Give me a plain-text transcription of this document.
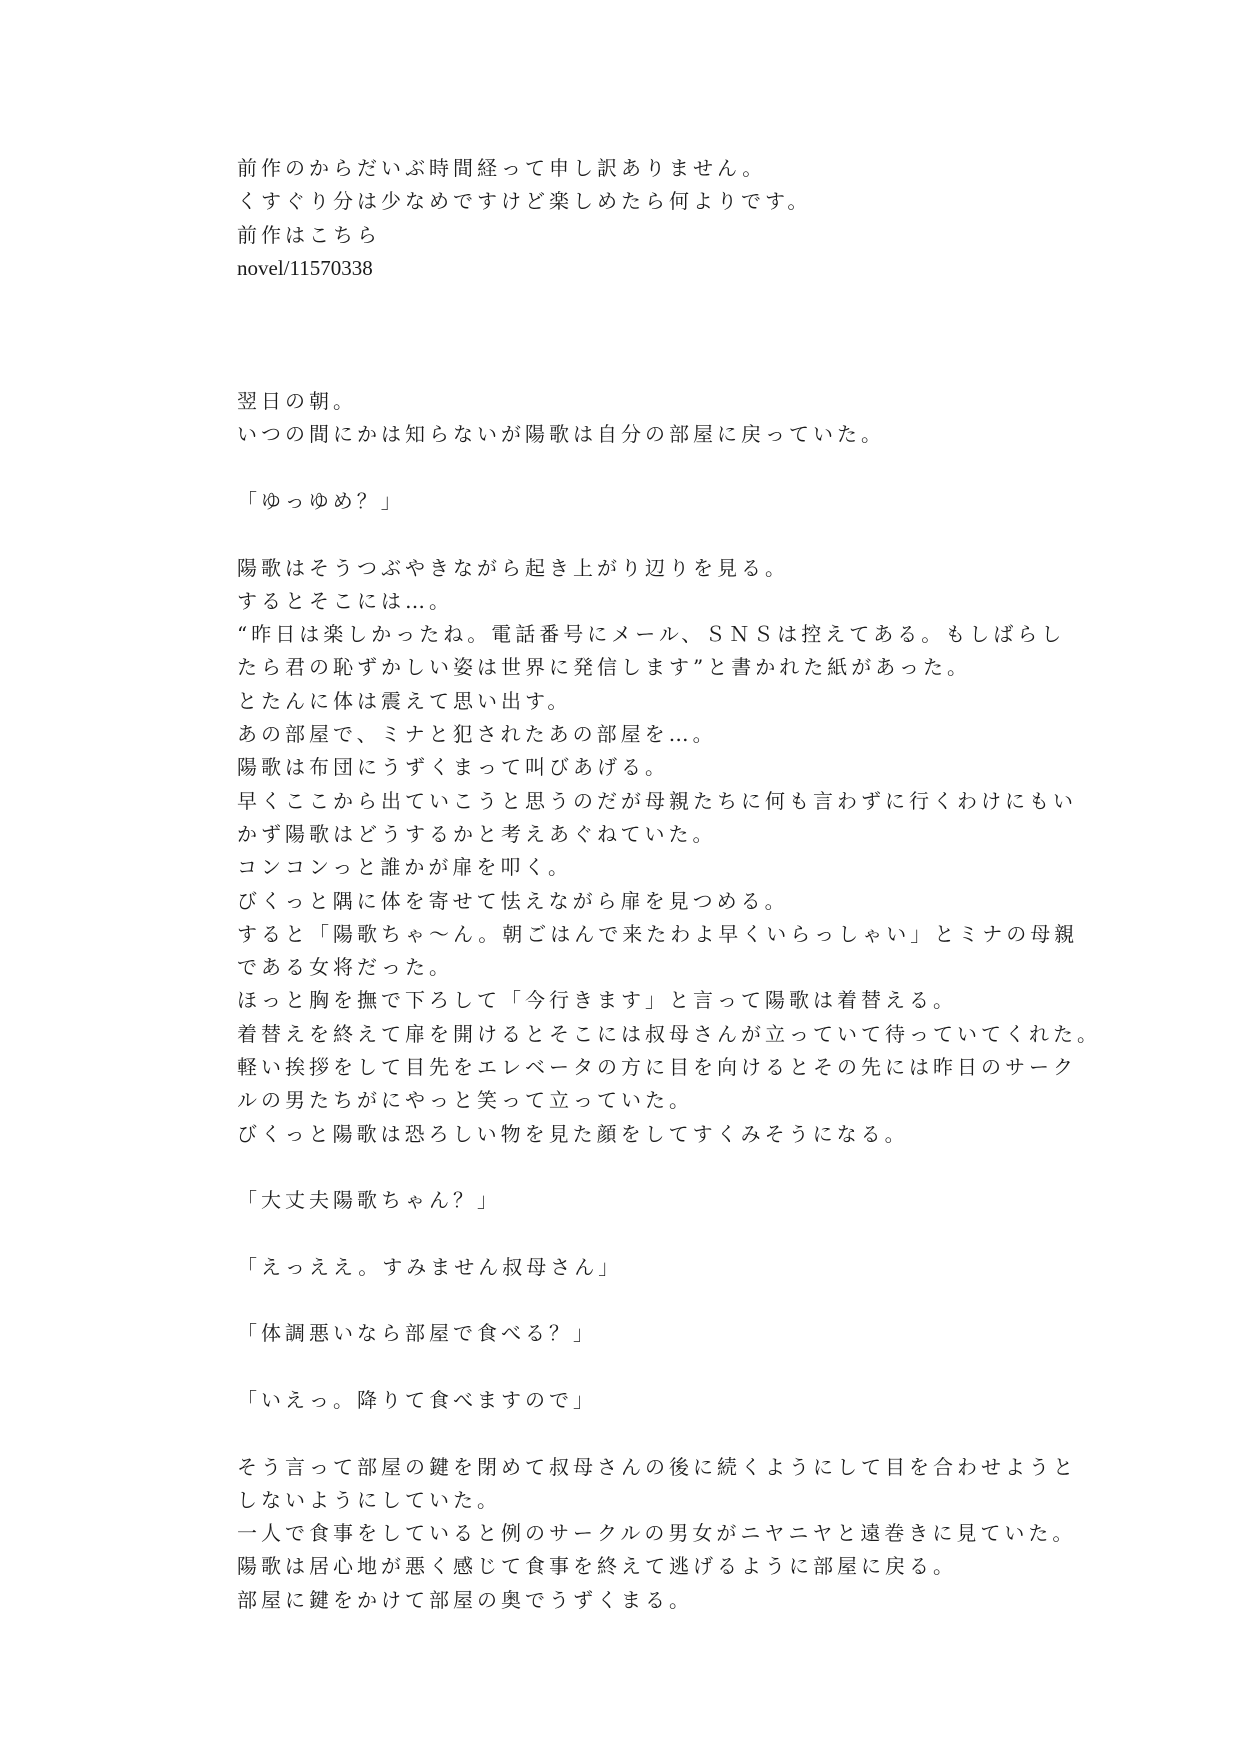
前作のからだいぶ時間経って申し訳ありません。
くすぐり分は少なめですけど楽しめたら何よりです。
前作はこちら
novel/11570338
翌日の朝。
いつの間にかは知らないが陽歌は自分の部屋に戻っていた。
「ゆっゆめ？」
陽歌はそうつぶやきながら起き上がり辺りを見る。
するとそこには…。
“昨日は楽しかったね。電話番号にメール、ＳＮＳは控えてある。もしばらし
たら君の恥ずかしい姿は世界に発信します”と書かれた紙があった。
とたんに体は震えて思い出す。
あの部屋で、ミナと犯されたあの部屋を…。
陽歌は布団にうずくまって叫びあげる。
早くここから出ていこうと思うのだが母親たちに何も言わずに行くわけにもい
かず陽歌はどうするかと考えあぐねていた。
コンコンっと誰かが扉を叩く。
びくっと隅に体を寄せて怯えながら扉を見つめる。
すると「陽歌ちゃ～ん。朝ごはんで来たわよ早くいらっしゃい」とミナの母親
である女将だった。
ほっと胸を撫で下ろして「今行きます」と言って陽歌は着替える。
着替えを終えて扉を開けるとそこには叔母さんが立っていて待っていてくれた。
軽い挨拶をして目先をエレベータの方に目を向けるとその先には昨日のサーク
ルの男たちがにやっと笑って立っていた。
びくっと陽歌は恐ろしい物を見た顔をしてすくみそうになる。
「大丈夫陽歌ちゃん？」
「えっええ。すみません叔母さん」
「体調悪いなら部屋で食べる？」
「いえっ。降りて食べますので」
そう言って部屋の鍵を閉めて叔母さんの後に続くようにして目を合わせようと
しないようにしていた。
一人で食事をしていると例のサークルの男女がニヤニヤと遠巻きに見ていた。
陽歌は居心地が悪く感じて食事を終えて逃げるように部屋に戻る。
部屋に鍵をかけて部屋の奥でうずくまる。
